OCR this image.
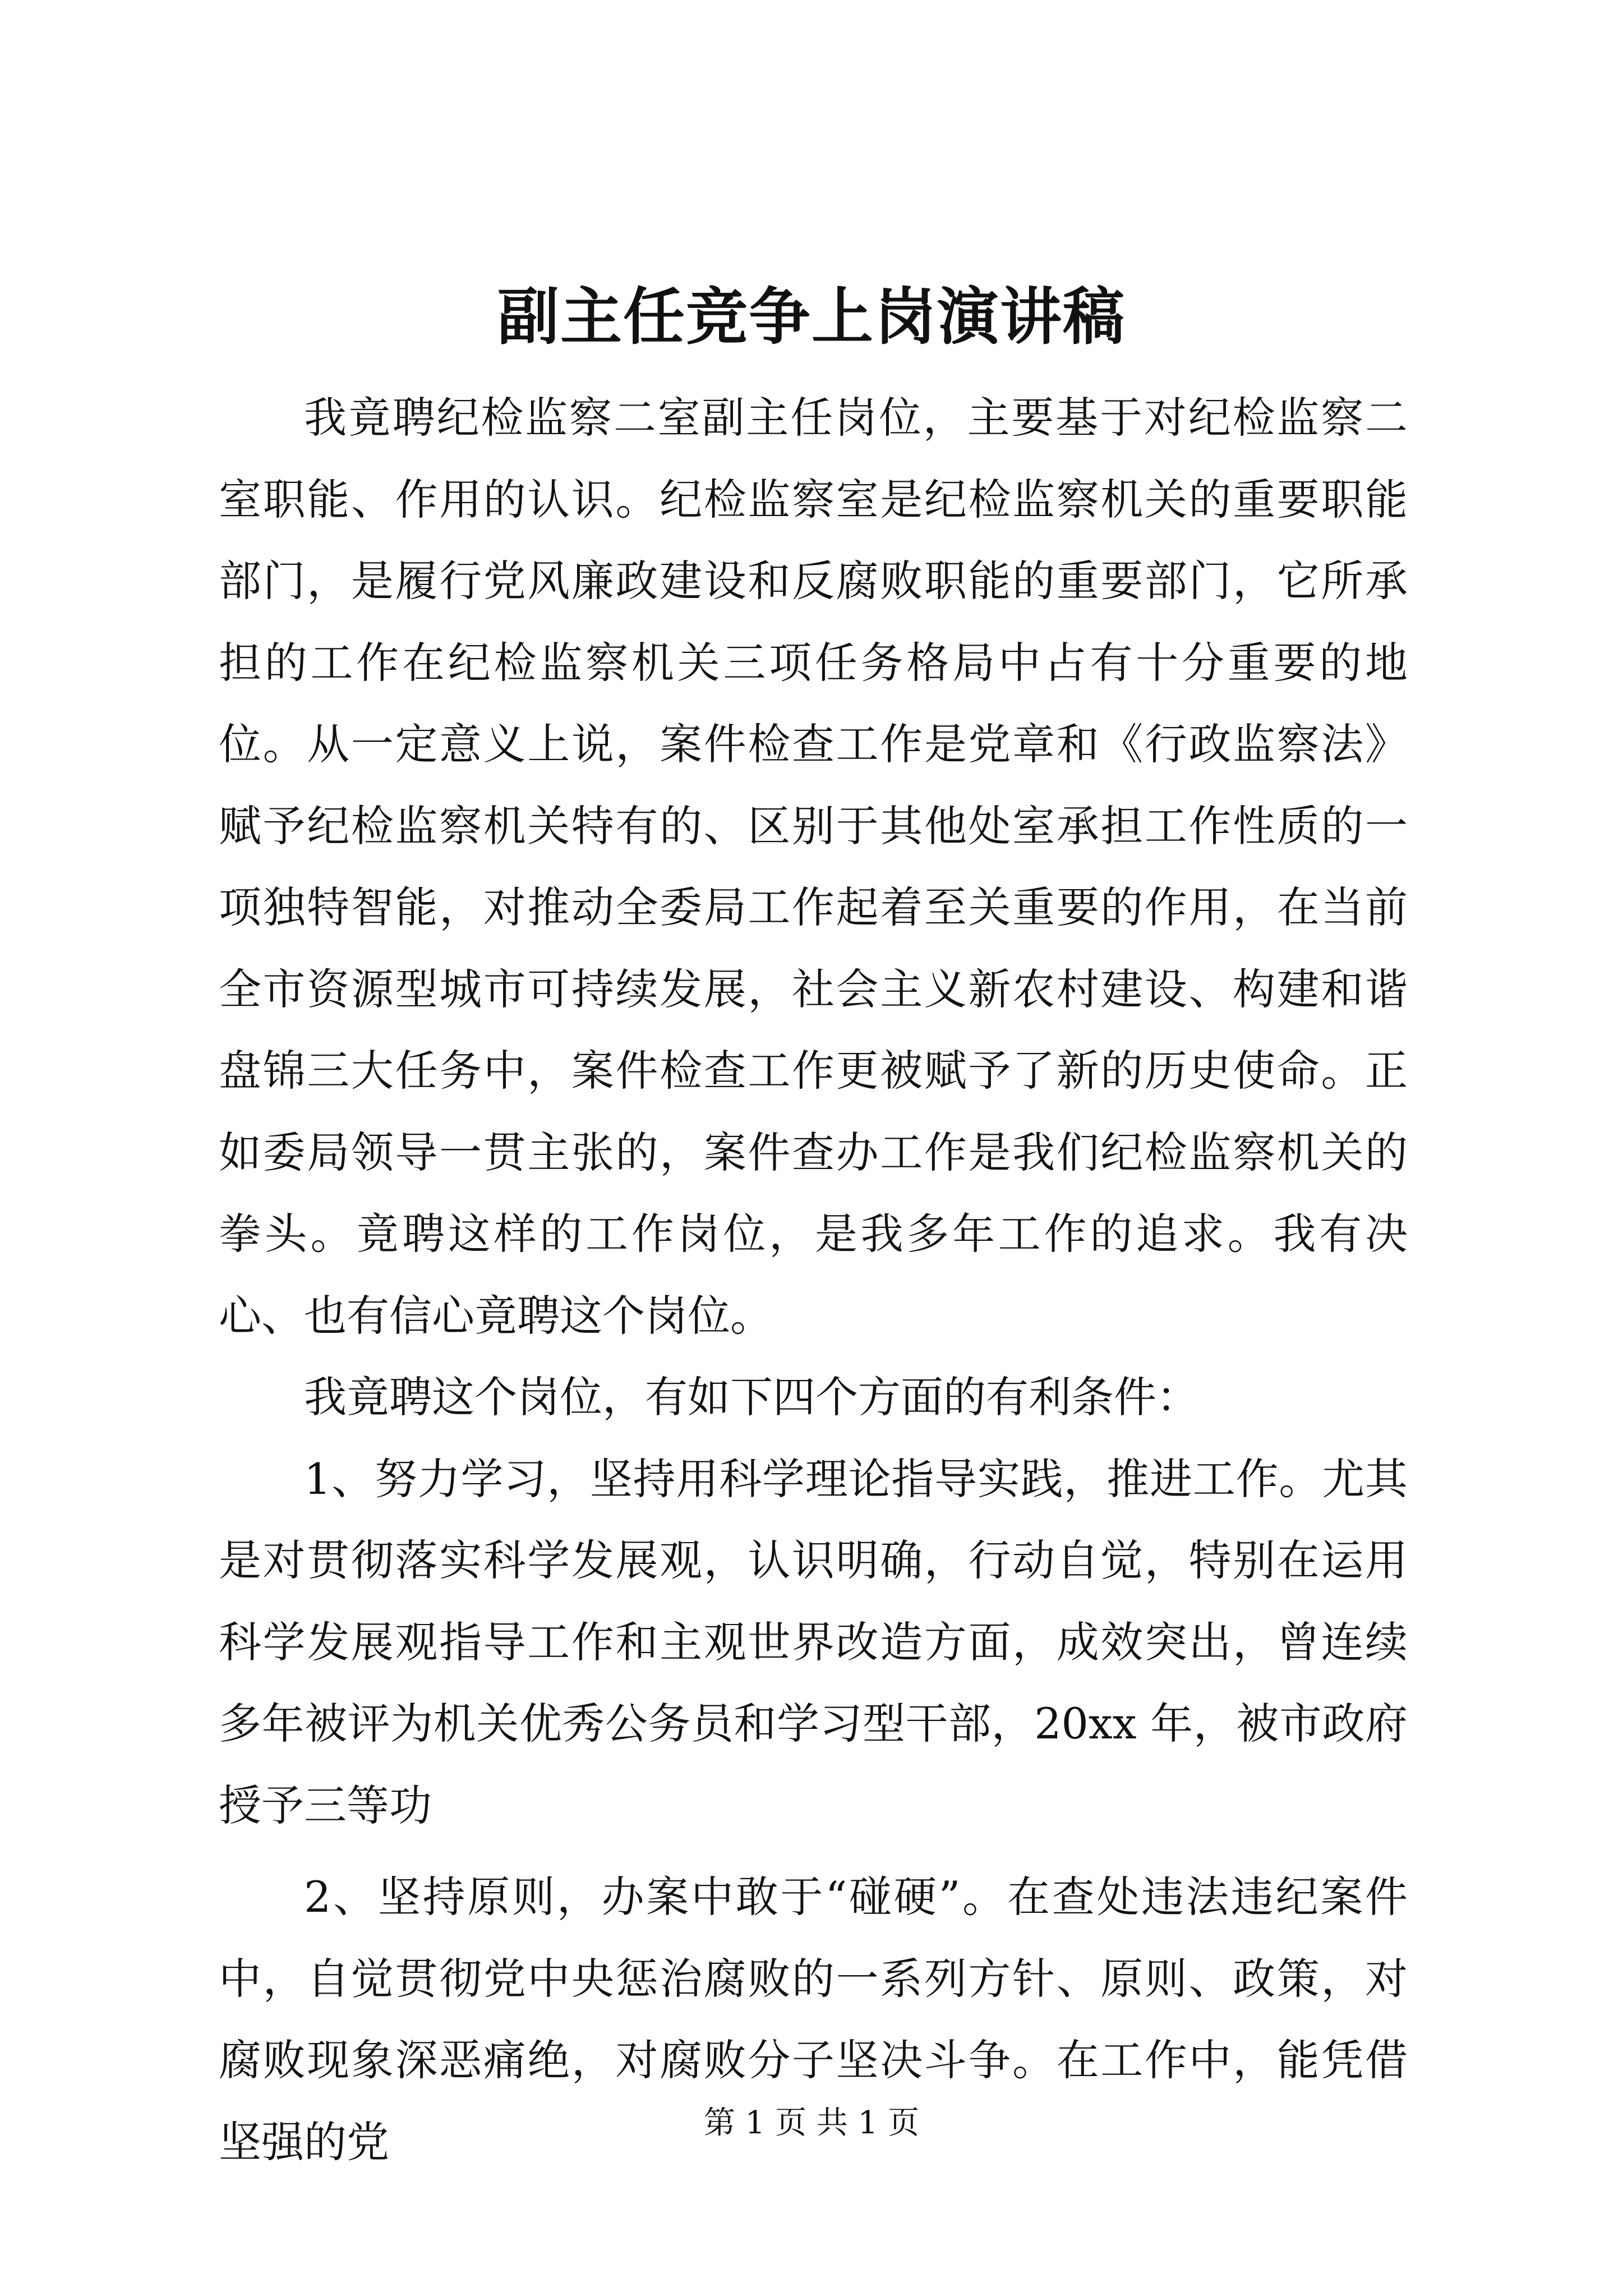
副主任竞争上岗演讲稿

我竟聘纪检监察二室副主任岗位，主要基于对纪检监察二室职能、作用的认识。纪检监察室是纪检监察机关的重要职能部门，是履行党风廉政建设和反腐败职能的重要部门，它所承担的工作在纪检监察机关三项任务格局中占有十分重要的地位。从一定意义上说，案件检查工作是党章和《行政监察法》赋予纪检监察机关特有的、区别于其他处室承担工作性质的一项独特智能，对推动全委局工作起着至关重要的作用，在当前全市资源型城市可持续发展，社会主义新农村建设、构建和谐盘锦三大任务中，案件检查工作更被赋予了新的历史使命。正如委局领导一贯主张的，案件查办工作是我们纪检监察机关的拳头。竟聘这样的工作岗位，是我多年工作的追求。我有决心、也有信心竟聘这个岗位。

我竟聘这个岗位，有如下四个方面的有利条件：

1、努力学习，坚持用科学理论指导实践，推进工作。尤其是对贯彻落实科学发展观，认识明确，行动自觉，特别在运用科学发展观指导工作和主观世界改造方面，成效突出，曾连续多年被评为机关优秀公务员和学习型干部，20xx 年，被市政府授予三等功

2、坚持原则，办案中敢于“碰硬”。在查处违法违纪案件中，自觉贯彻党中央惩治腐败的一系列方针、原则、政策，对腐败现象深恶痛绝，对腐败分子坚决斗争。在工作中，能凭借坚强的党	第 1 页 共 1 页
